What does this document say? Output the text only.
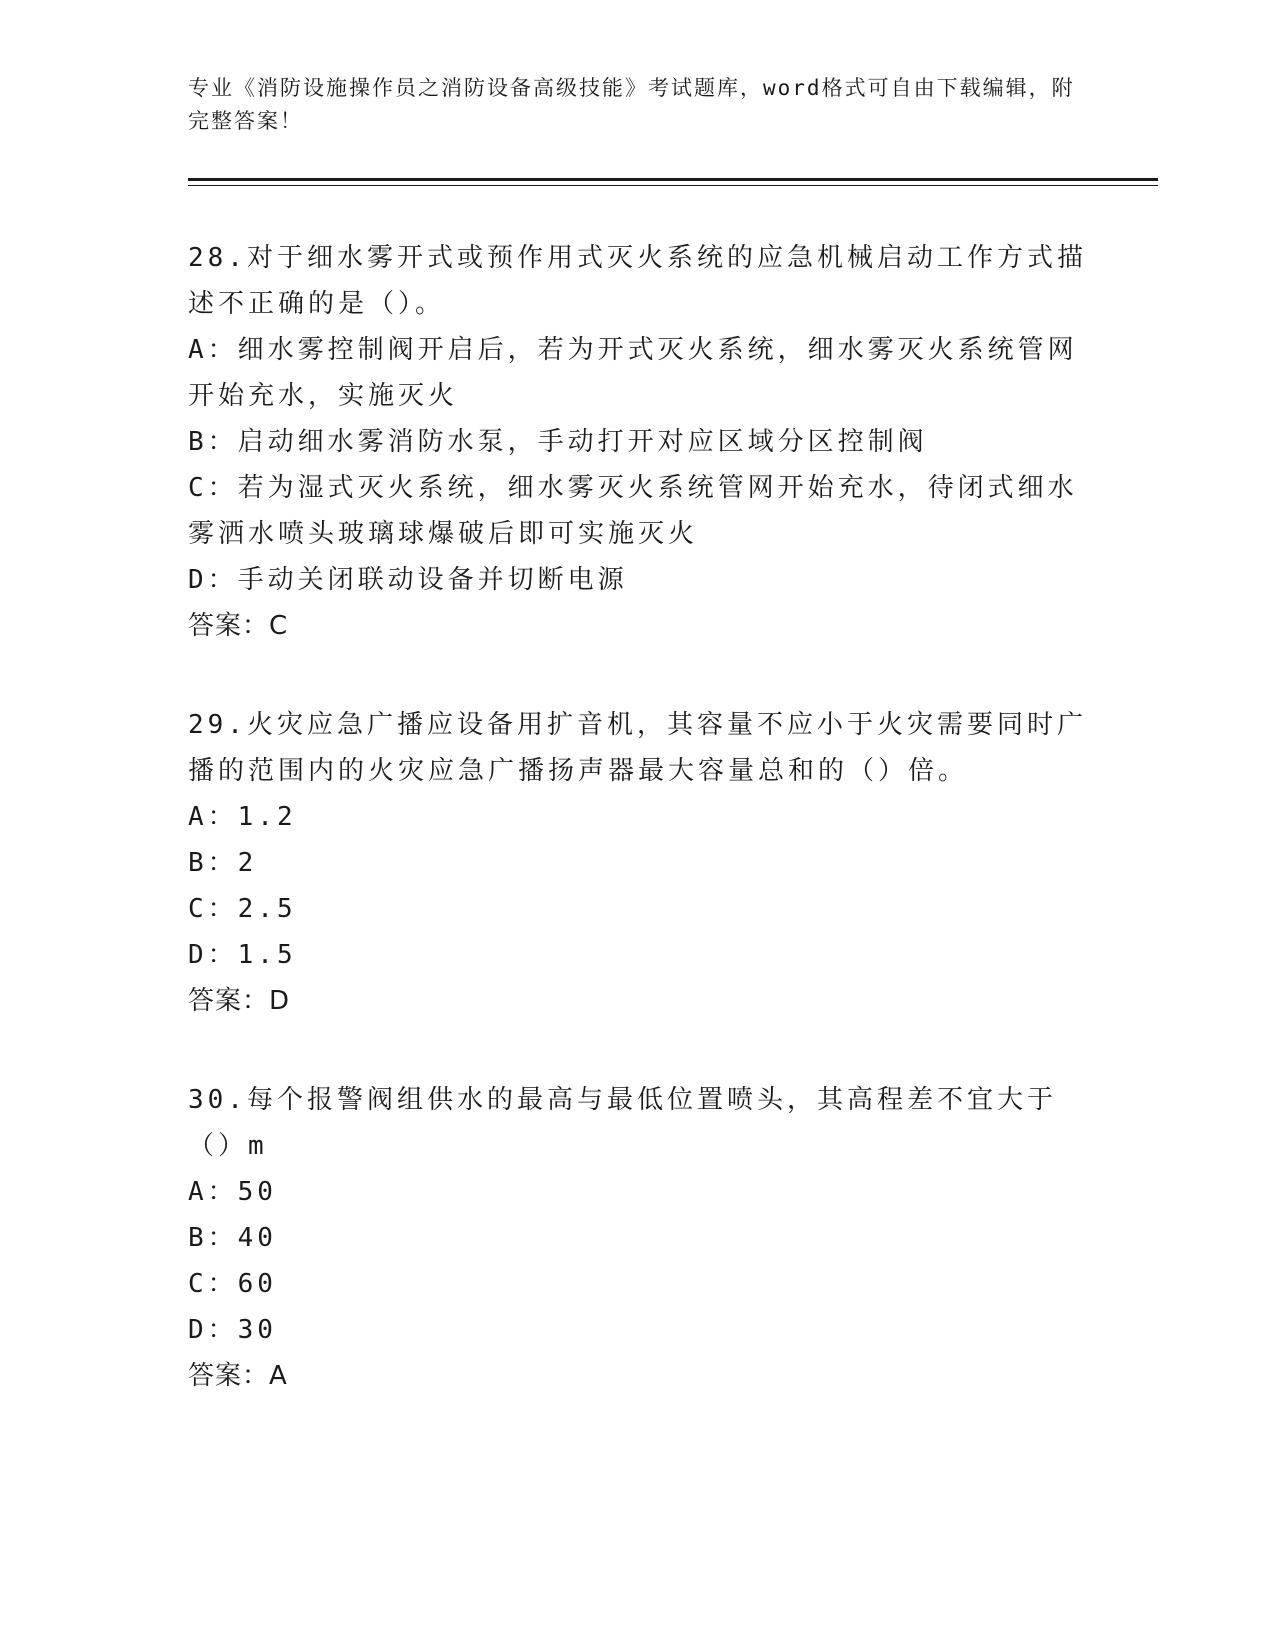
专业《消防设施操作员之消防设备高级技能》考试题库，word格式可自由下载编辑，附完整答案！
28.对于细水雾开式或预作用式灭火系统的应急机械启动工作方式描述不正确的是（）。
A：细水雾控制阀开启后，若为开式灭火系统，细水雾灭火系统管网开始充水，实施灭火
B：启动细水雾消防水泵，手动打开对应区域分区控制阀
C：若为湿式灭火系统，细水雾灭火系统管网开始充水，待闭式细水雾洒水喷头玻璃球爆破后即可实施灭火
D：手动关闭联动设备并切断电源
答案：C
29.火灾应急广播应设备用扩音机，其容量不应小于火灾需要同时广播的范围内的火灾应急广播扬声器最大容量总和的（）倍。
A：1.2
B：2
C：2.5
D：1.5
答案：D
30.每个报警阀组供水的最高与最低位置喷头，其高程差不宜大于（）m
A：50
B：40
C：60
D：30
答案：A
